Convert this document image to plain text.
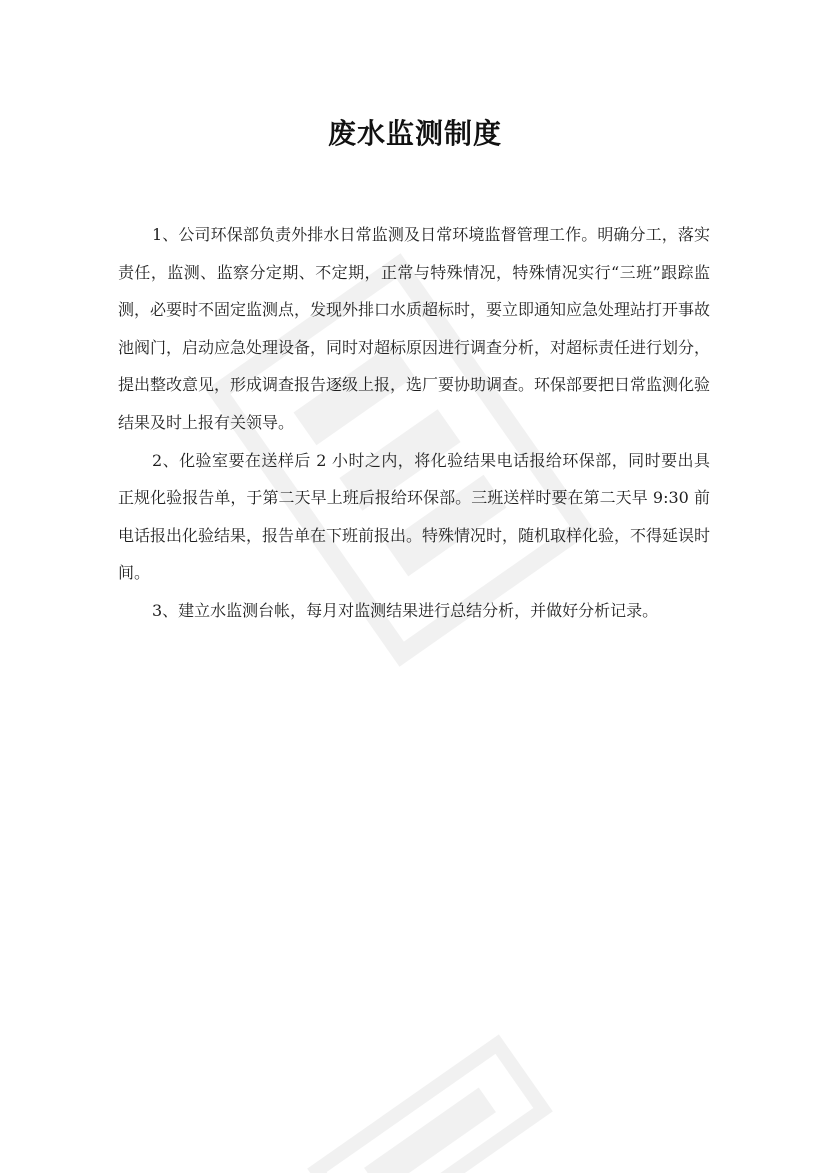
废水监测制度

1、公司环保部负责外排水日常监测及日常环境监督管理工作。明确分工，落实责任，监测、监察分定期、不定期，正常与特殊情况，特殊情况实行“三班”跟踪监测，必要时不固定监测点，发现外排口水质超标时，要立即通知应急处理站打开事故池阀门，启动应急处理设备，同时对超标原因进行调查分析，对超标责任进行划分，提出整改意见，形成调查报告逐级上报，选厂要协助调查。环保部要把日常监测化验结果及时上报有关领导。

2、化验室要在送样后 2 小时之内，将化验结果电话报给环保部，同时要出具正规化验报告单，于第二天早上班后报给环保部。三班送样时要在第二天早 9:30 前电话报出化验结果，报告单在下班前报出。特殊情况时，随机取样化验，不得延误时间。

3、建立水监测台帐，每月对监测结果进行总结分析，并做好分析记录。
